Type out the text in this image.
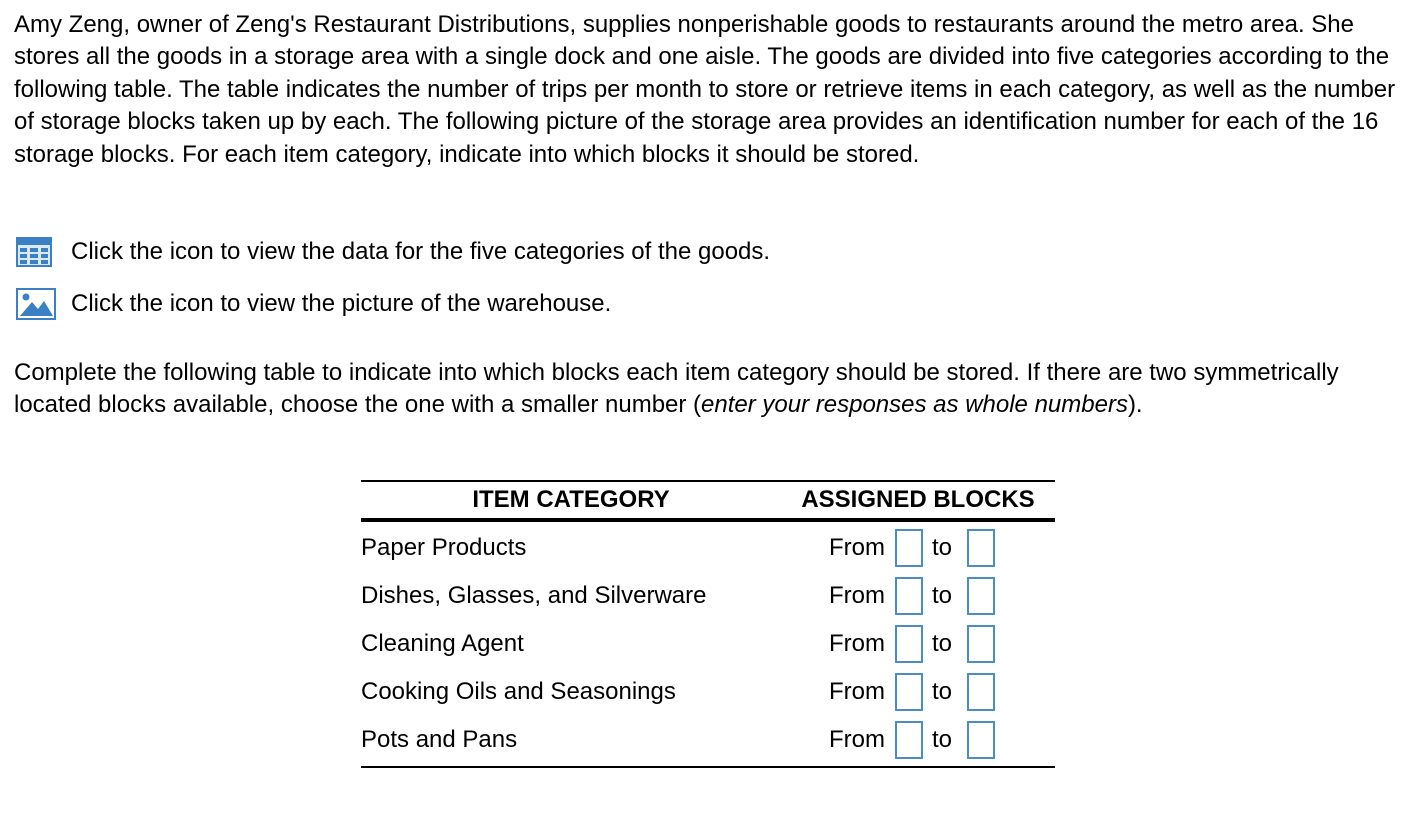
Amy Zeng, owner of Zeng's Restaurant Distributions, supplies nonperishable goods to restaurants around the metro area. She stores all the goods in a storage area with a single dock and one aisle. The goods are divided into five categories according to the following table. The table indicates the number of trips per month to store or retrieve items in each category, as well as the number of storage blocks taken up by each. The following picture of the storage area provides an identification number for each of the 16 storage blocks. For each item category, indicate into which blocks it should be stored.

Click the icon to view the data for the five categories of the goods.
Click the icon to view the picture of the warehouse.

Complete the following table to indicate into which blocks each item category should be stored. If there are two symmetrically located blocks available, choose the one with a smaller number (enter your responses as whole numbers).

ITEM CATEGORY	ASSIGNED BLOCKS
Paper Products	From	to
Dishes, Glasses, and Silverware	From	to
Cleaning Agent	From	to
Cooking Oils and Seasonings	From	to
Pots and Pans	From	to
